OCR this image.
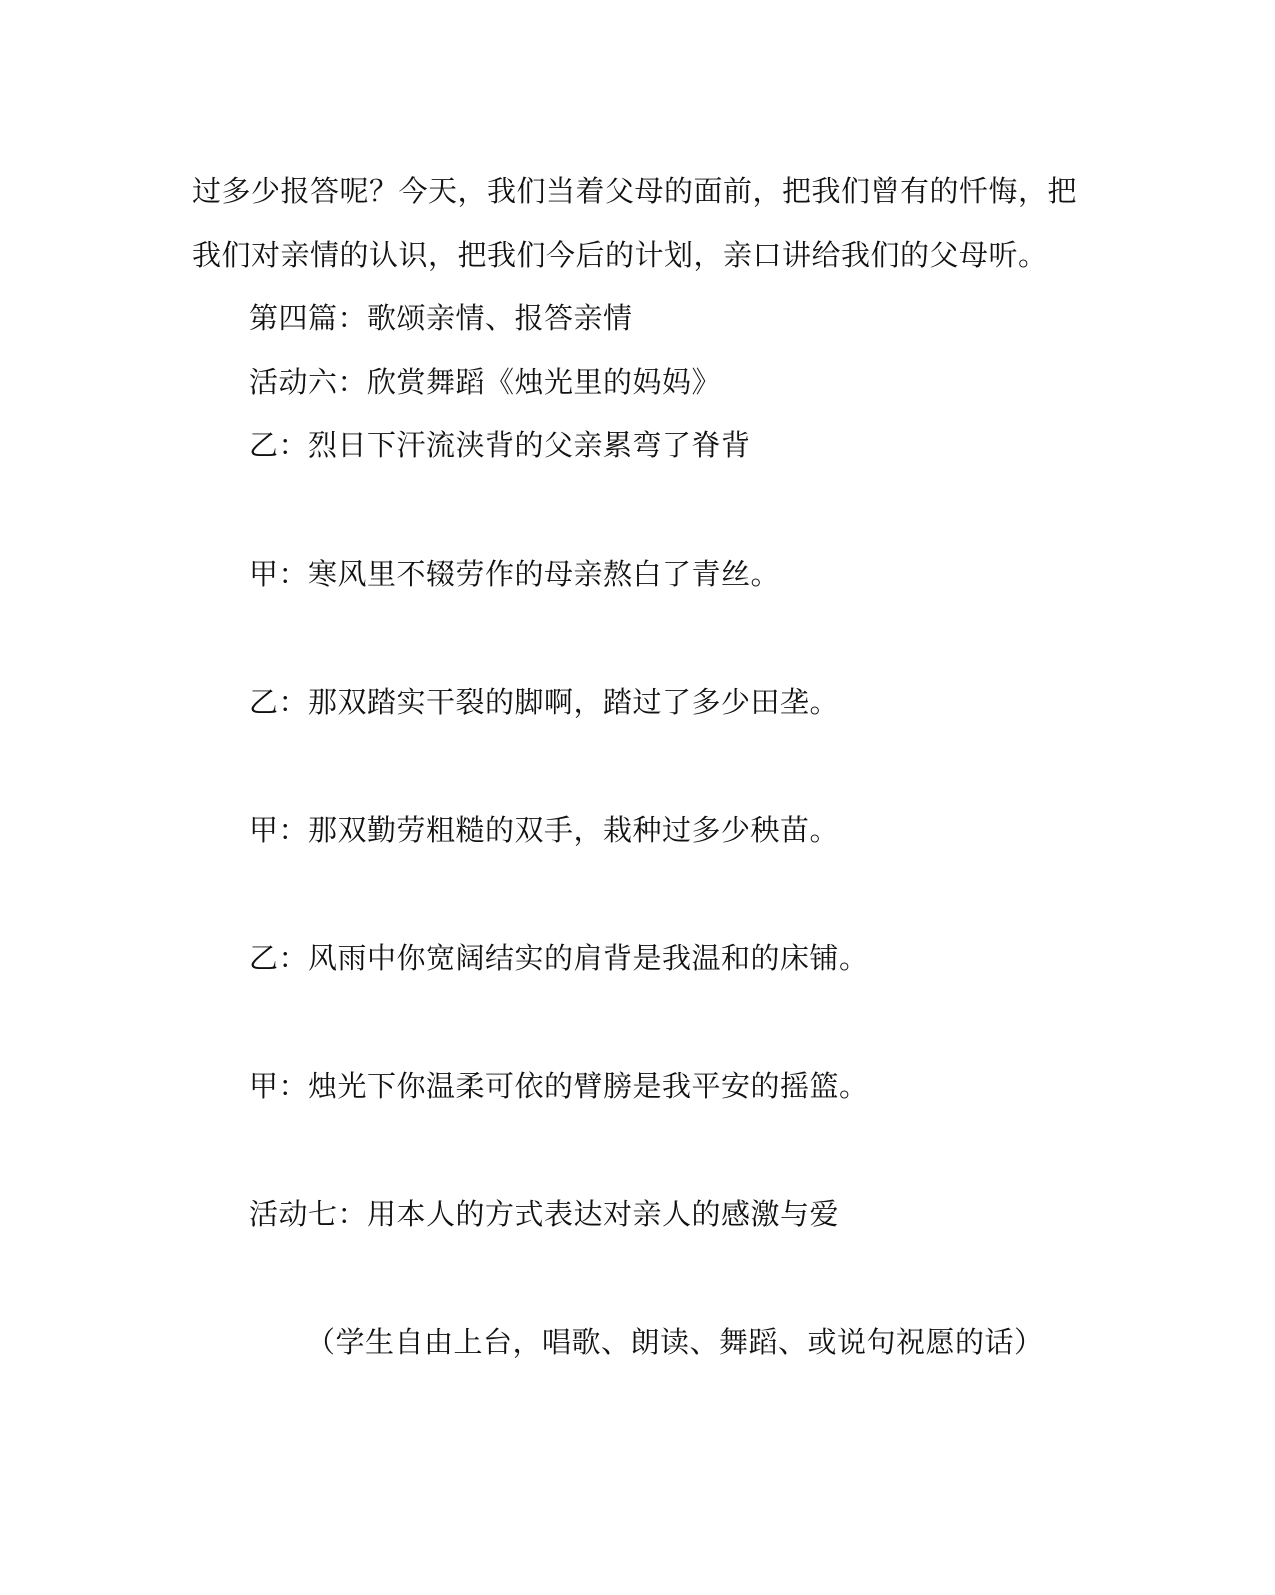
过多少报答呢？今天，我们当着父母的面前，把我们曾有的忏悔，把
我们对亲情的认识，把我们今后的计划，亲口讲给我们的父母听。
第四篇：歌颂亲情、报答亲情
活动六：欣赏舞蹈《烛光里的妈妈》
乙：烈日下汗流浃背的父亲累弯了脊背
甲：寒风里不辍劳作的母亲熬白了青丝。
乙：那双踏实干裂的脚啊，踏过了多少田垄。
甲：那双勤劳粗糙的双手，栽种过多少秧苗。
乙：风雨中你宽阔结实的肩背是我温和的床铺。
甲：烛光下你温柔可依的臂膀是我平安的摇篮。
活动七：用本人的方式表达对亲人的感激与爱
（学生自由上台，唱歌、朗读、舞蹈、或说句祝愿的话）
